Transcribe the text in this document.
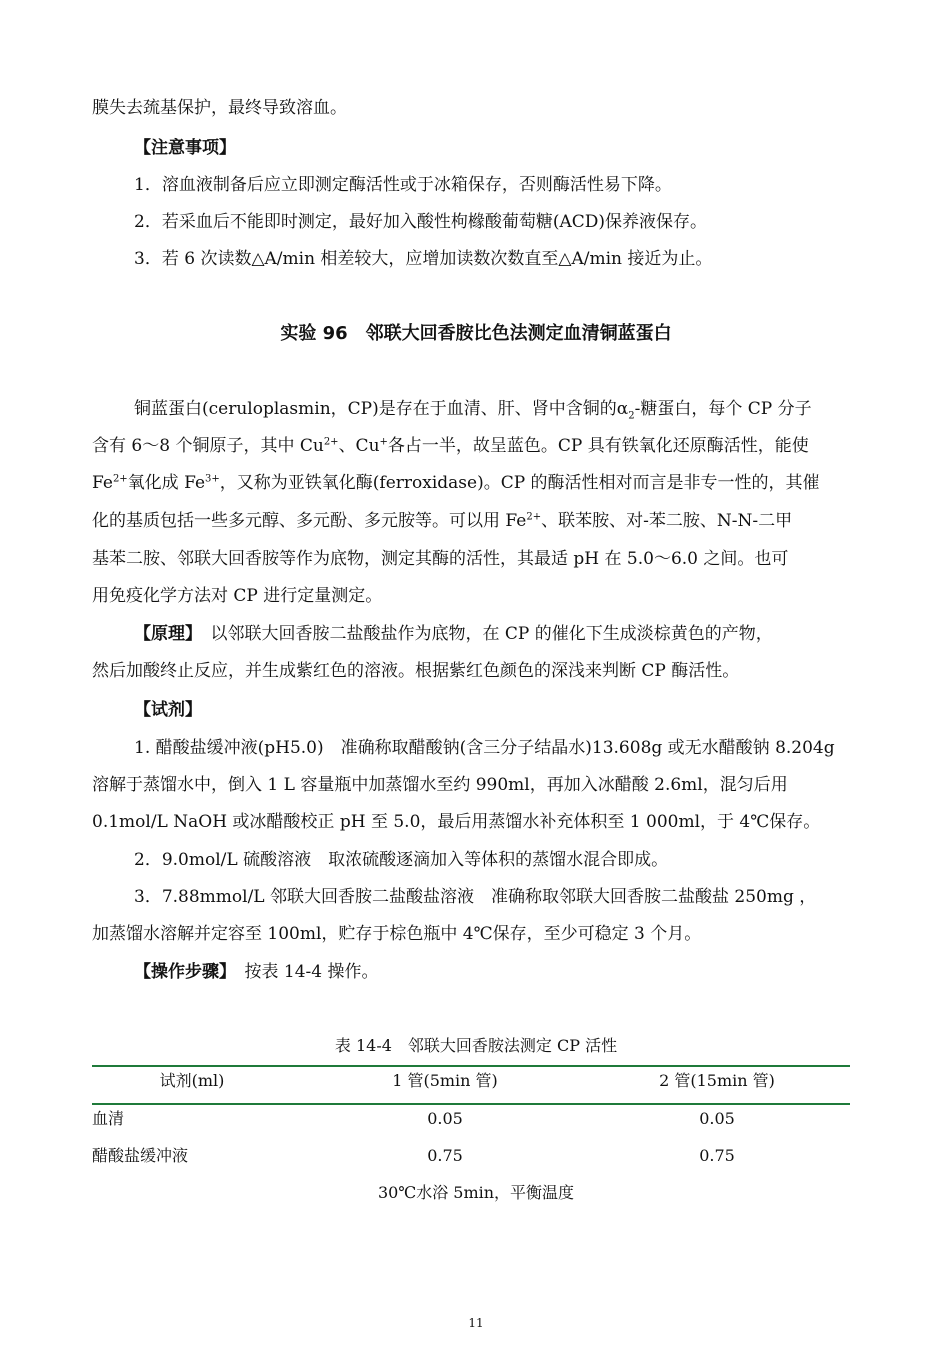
膜失去巯基保护，最终导致溶血。
【注意事项】
1．溶血液制备后应立即测定酶活性或于冰箱保存，否则酶活性易下降。
2．若采血后不能即时测定，最好加入酸性枸橼酸葡萄糖(ACD)保养液保存。
3．若 6 次读数△A/min 相差较大，应增加读数次数直至△A/min 接近为止。
实验 96　邻联大回香胺比色法测定血清铜蓝蛋白
铜蓝蛋白(ceruloplasmin，CP)是存在于血清、肝、肾中含铜的$\alpha_2-$糖蛋白，每个 CP 分子
含有 6～8 个铜原子，其中 $Cu^{2+}$、Cu+各占一半，故呈蓝色。CP 具有铁氧化还原酶活性，能使
$Fe^{2+}$氧化成 $Fe^{3+}$，又称为亚铁氧化酶(ferroxidase)。CP 的酶活性相对而言是非专一性的，其催
化的基质包括一些多元醇、多元酚、多元胺等。可以用 $Fe^{2+}$、联苯胺、对-苯二胺、N-N-二甲
基苯二胺、邻联大回香胺等作为底物，测定其酶的活性，其最适 pH 在 5.0～6.0 之间。也可
用免疫化学方法对 CP 进行定量测定。
【原理】　以邻联大回香胺二盐酸盐作为底物，在 CP 的催化下生成淡棕黄色的产物，
然后加酸终止反应，并生成紫红色的溶液。根据紫红色颜色的深浅来判断 CP 酶活性。
【试剂】
1. 醋酸盐缓冲液(pH5.0)　准确称取醋酸钠(含三分子结晶水)13.608g 或无水醋酸钠 8.204g
溶解于蒸馏水中，倒入 1 L 容量瓶中加蒸馏水至约 990ml，再加入冰醋酸 2.6ml，混匀后用
0.1mol/L NaOH 或冰醋酸校正 pH 至 5.0，最后用蒸馏水补充体积至 1 000ml，于 4℃保存。
2．9.0mol/L 硫酸溶液　取浓硫酸逐滴加入等体积的蒸馏水混合即成。
3．7.88mmol/L 邻联大回香胺二盐酸盐溶液　准确称取邻联大回香胺二盐酸盐 250mg ，
加蒸馏水溶解并定容至 100ml，贮存于棕色瓶中 4℃保存，至少可稳定 3 个月。
【操作步骤】　按表 14-4 操作。
表 14-4　邻联大回香胺法测定 CP 活性
试剂(ml)	1 管(5min 管)	2 管(15min 管)
血清	0.05	0.05
醋酸盐缓冲液	0.75	0.75
30℃水浴 5min，平衡温度
11
